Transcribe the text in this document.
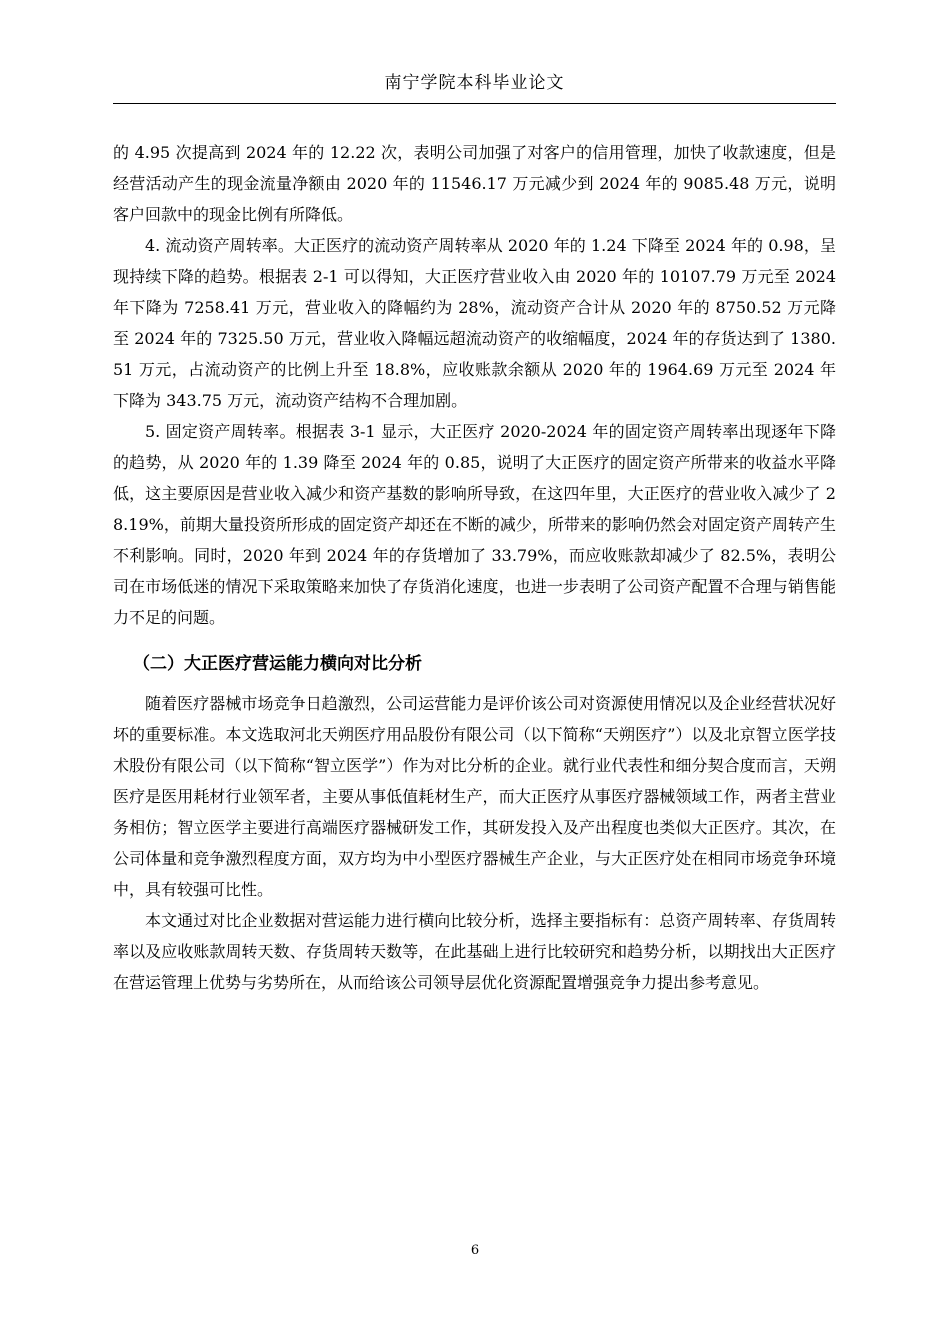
南宁学院本科毕业论文

的 4.95 次提高到 2024 年的 12.22 次，表明公司加强了对客户的信用管理，加快了收款速度，但是经营活动产生的现金流量净额由 2020 年的 11546.17 万元减少到 2024 年的 9085.48 万元，说明客户回款中的现金比例有所降低。

4. 流动资产周转率。大正医疗的流动资产周转率从 2020 年的 1.24 下降至 2024 年的 0.98，呈现持续下降的趋势。根据表 2-1 可以得知，大正医疗营业收入由 2020 年的 10107.79 万元至 2024 年下降为 7258.41 万元，营业收入的降幅约为 28%，流动资产合计从 2020 年的 8750.52 万元降至 2024 年的 7325.50 万元，营业收入降幅远超流动资产的收缩幅度，2024 年的存货达到了 1380.51 万元，占流动资产的比例上升至 18.8%，应收账款余额从 2020 年的 1964.69 万元至 2024 年下降为 343.75 万元，流动资产结构不合理加剧。

5. 固定资产周转率。根据表 3-1 显示，大正医疗 2020-2024 年的固定资产周转率出现逐年下降的趋势，从 2020 年的 1.39 降至 2024 年的 0.85，说明了大正医疗的固定资产所带来的收益水平降低，这主要原因是营业收入减少和资产基数的影响所导致，在这四年里，大正医疗的营业收入减少了 28.19%，前期大量投资所形成的固定资产却还在不断的减少，所带来的影响仍然会对固定资产周转产生不利影响。同时，2020 年到 2024 年的存货增加了 33.79%，而应收账款却减少了 82.5%，表明公司在市场低迷的情况下采取策略来加快了存货消化速度，也进一步表明了公司资产配置不合理与销售能力不足的问题。

（二）大正医疗营运能力横向对比分析

随着医疗器械市场竞争日趋激烈，公司运营能力是评价该公司对资源使用情况以及企业经营状况好坏的重要标准。本文选取河北天朔医疗用品股份有限公司（以下简称“天朔医疗”）以及北京智立医学技术股份有限公司（以下简称“智立医学”）作为对比分析的企业。就行业代表性和细分契合度而言，天朔医疗是医用耗材行业领军者，主要从事低值耗材生产，而大正医疗从事医疗器械领域工作，两者主营业务相仿；智立医学主要进行高端医疗器械研发工作，其研发投入及产出程度也类似大正医疗。其次，在公司体量和竞争激烈程度方面，双方均为中小型医疗器械生产企业，与大正医疗处在相同市场竞争环境中，具有较强可比性。

本文通过对比企业数据对营运能力进行横向比较分析，选择主要指标有：总资产周转率、存货周转率以及应收账款周转天数、存货周转天数等，在此基础上进行比较研究和趋势分析，以期找出大正医疗在营运管理上优势与劣势所在，从而给该公司领导层优化资源配置增强竞争力提出参考意见。

6
